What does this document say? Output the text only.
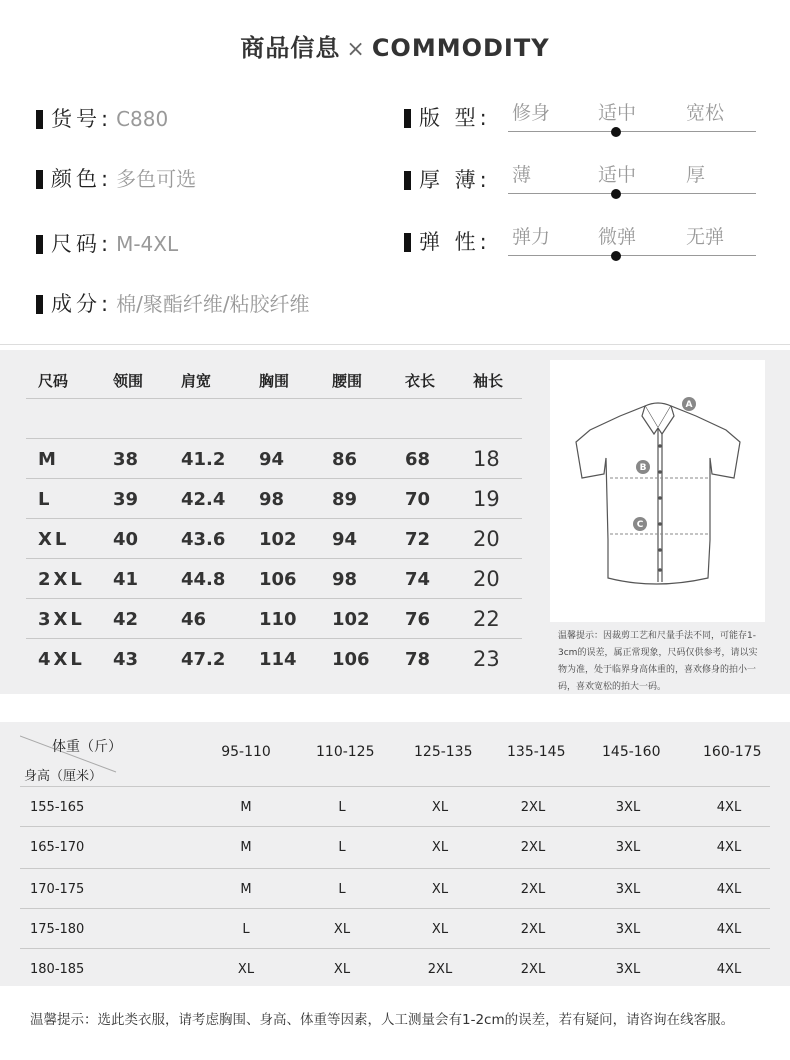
商品信息 × COMMODITY
货号: C880
颜色: 多色可选
尺码: M-4XL
成分: 棉/聚酯纤维/粘胶纤维
版 型: 修身	适中	宽松
厚 薄: 薄	适中	厚
弹 性: 弹力	微弹	无弹
尺码	领围	肩宽	胸围	腰围	衣长	袖长
M	38 41.2 94	86	68 18
L	39 42.4 98	89	70 19
XL 40 43.6 102 94	72 20
2XL 41 44.8 106 98	74 20
3XL 42 46	110 102 76 22
4XL 43 47.2 114 106 78 23
A
B
C
温馨提示：因裁剪工艺和尺量手法不同，可能存1-3cm的误差，属正常现象，尺码仅供参考，请以实物为准，处于临界身高体重的，喜欢修身的拍小一码，喜欢宽松的拍大一码。
体重（斤）
身高（厘米）
95-110	110-125	125-135 135-145	145-160	160-175
155-165	M	L	XL	2XL	3XL	4XL
165-170	M	L	XL	2XL	3XL	4XL
170-175	M	L	XL	2XL	3XL	4XL
175-180	L	XL	XL	2XL	3XL	4XL
180-185	XL	XL	2XL	2XL	3XL	4XL
温馨提示：选此类衣服，请考虑胸围、身高、体重等因素，人工测量会有1-2cm的误差，若有疑问，请咨询在线客服。
